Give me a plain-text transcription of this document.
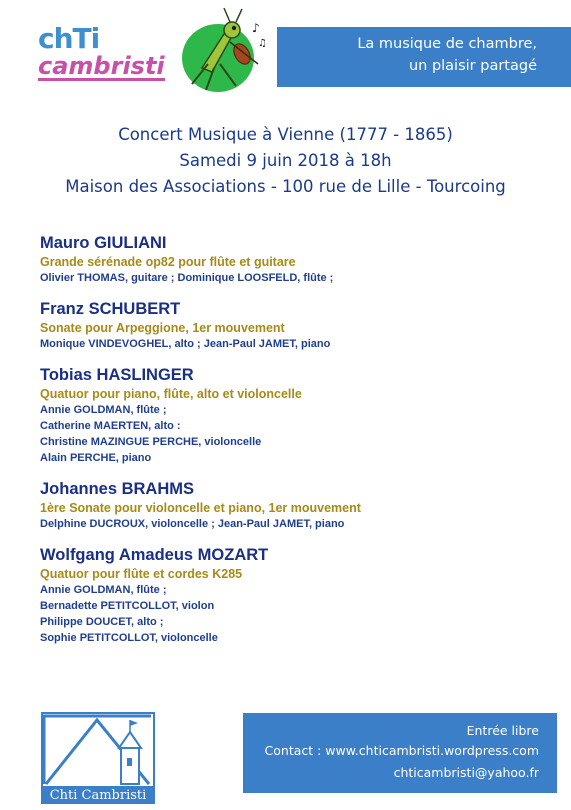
chTi
cambristi
♪
♫	La musique de chambre,
un plaisir partagé
Concert Musique à Vienne (1777 - 1865)
Samedi 9 juin 2018 à 18h
Maison des Associations - 100 rue de Lille - Tourcoing
Mauro GIULIANI
Grande sérénade op82 pour flûte et guitare
Olivier THOMAS, guitare ; Dominique LOOSFELD, flûte ;
Franz SCHUBERT
Sonate pour Arpeggione, 1er mouvement
Monique VINDEVOGHEL, alto ; Jean-Paul JAMET, piano
Tobias HASLINGER
Quatuor pour piano, flûte, alto et violoncelle
Annie GOLDMAN, flûte ;
Catherine MAERTEN, alto :
Christine MAZINGUE PERCHE, violoncelle
Alain PERCHE, piano
Johannes BRAHMS
1ère Sonate pour violoncelle et piano, 1er mouvement
Delphine DUCROUX, violoncelle ; Jean-Paul JAMET, piano
Wolfgang Amadeus MOZART
Quatuor pour flûte et cordes K285
Annie GOLDMAN, flûte ;
Bernadette PETITCOLLOT, violon
Philippe DOUCET, alto ;
Sophie PETITCOLLOT, violoncelle
Chti Cambristi
Entrée libre
Contact : www.chticambristi.wordpress.com
chticambristi@yahoo.fr
